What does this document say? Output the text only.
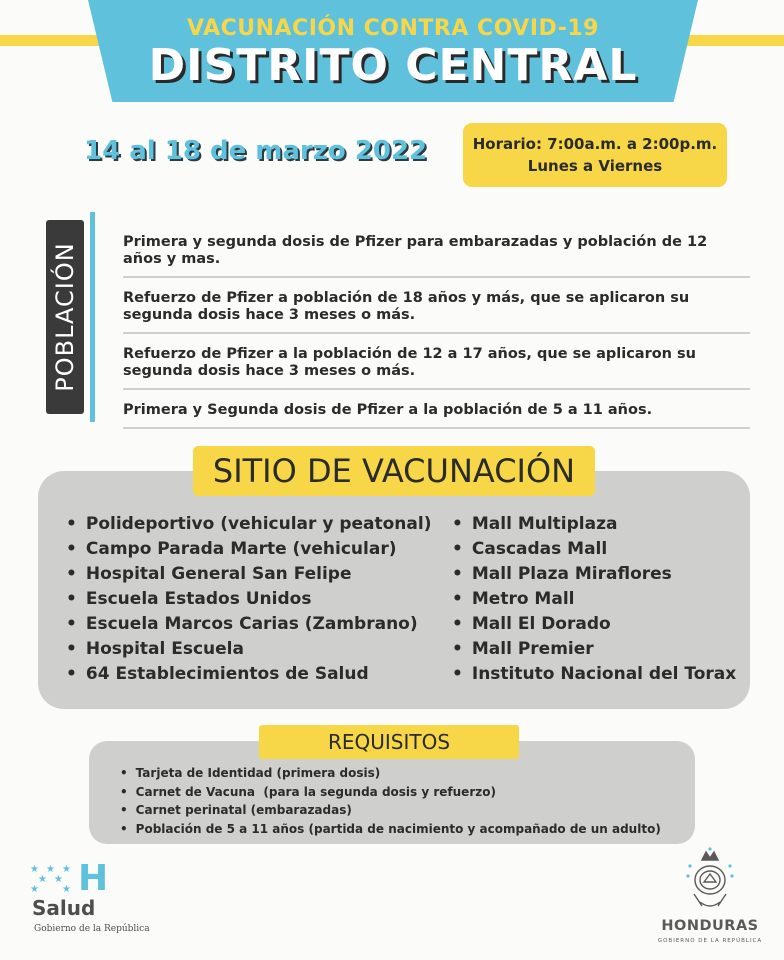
VACUNACIÓN CONTRA COVID-19
DISTRITO CENTRAL
14 al 18 de marzo 2022	Horario: 7:00a.m. a 2:00p.m.
Lunes a Viernes
POBLACIÓN
Primera y segunda dosis de Pfizer para embarazadas y población de 12 años y mas.
Refuerzo de Pfizer a población de 18 años y más, que se aplicaron su segunda dosis hace 3 meses o más.
Refuerzo de Pfizer a la población de 12 a 17 años, que se aplicaron su segunda dosis hace 3 meses o más.
Primera y Segunda dosis de Pfizer a la población de 5 a 11 años.
SITIO DE VACUNACIÓN
• Polideportivo (vehicular y peatonal)
• Campo Parada Marte (vehicular)
• Hospital General San Felipe
• Escuela Estados Unidos
• Escuela Marcos Carias (Zambrano)
• Hospital Escuela
• 64 Establecimientos de Salud
• Mall Multiplaza
• Cascadas Mall
• Mall Plaza Miraflores
• Metro Mall
• Mall El Dorado
• Mall Premier
• Instituto Nacional del Torax
REQUISITOS
• Tarjeta de Identidad (primera dosis)
• Carnet de Vacuna  (para la segunda dosis y refuerzo)
• Carnet perinatal (embarazadas)
• Población de 5 a 11 años (partida de nacimiento y acompañado de un adulto)
★ ★ ★
★ ★
★ ★ H
Salud
Gobierno de la República	HONDURAS
GOBIERNO DE LA REPÚBLICA
